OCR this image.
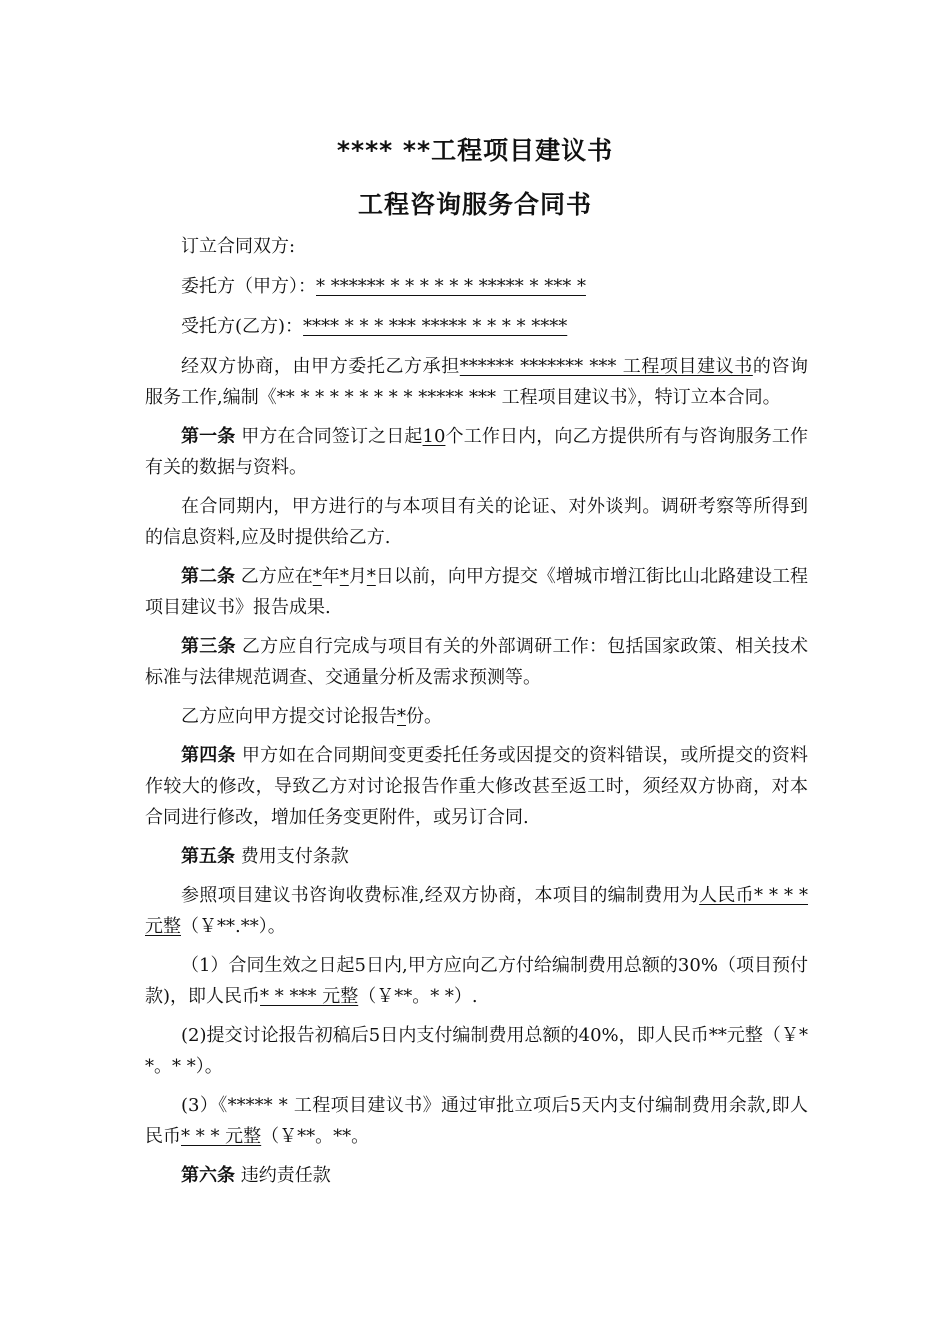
**** **工程项目建议书
工程咨询服务合同书

订立合同双方:

委托方（甲方）：* ****** * * * * * * ***** * *** *

受托方(乙方)：**** * * * *** ***** * * * * ****

经双方协商，由甲方委托乙方承担****** ******* *** 工程项目建议书的咨询服务工作,编制《** * * * * * * * * ***** *** 工程项目建议书》，特订立本合同。

第一条 甲方在合同签订之日起10个工作日内，向乙方提供所有与咨询服务工作有关的数据与资料。

在合同期内，甲方进行的与本项目有关的论证、对外谈判。调研考察等所得到的信息资料,应及时提供给乙方.

第二条 乙方应在*年*月*日以前，向甲方提交《增城市增江街比山北路建设工程项目建议书》报告成果.

第三条 乙方应自行完成与项目有关的外部调研工作：包括国家政策、相关技术标准与法律规范调查、交通量分析及需求预测等。

乙方应向甲方提交讨论报告*份。

第四条 甲方如在合同期间变更委托任务或因提交的资料错误，或所提交的资料作较大的修改，导致乙方对讨论报告作重大修改甚至返工时，须经双方协商，对本合同进行修改，增加任务变更附件，或另订合同.

第五条 费用支付条款

参照项目建议书咨询收费标准,经双方协商，本项目的编制费用为人民币* * * * 元整（￥**.**）。

（1）合同生效之日起5日内,甲方应向乙方付给编制费用总额的30%（项目预付款)，即人民币* * *** 元整（￥**。* *）.

(2)提交讨论报告初稿后5日内支付编制费用总额的40%，即人民币**元整（￥* *。* *）。

(3）《***** * 工程项目建议书》通过审批立项后5天内支付编制费用余款,即人民币* * * 元整（￥**。**。

第六条 违约责任款
